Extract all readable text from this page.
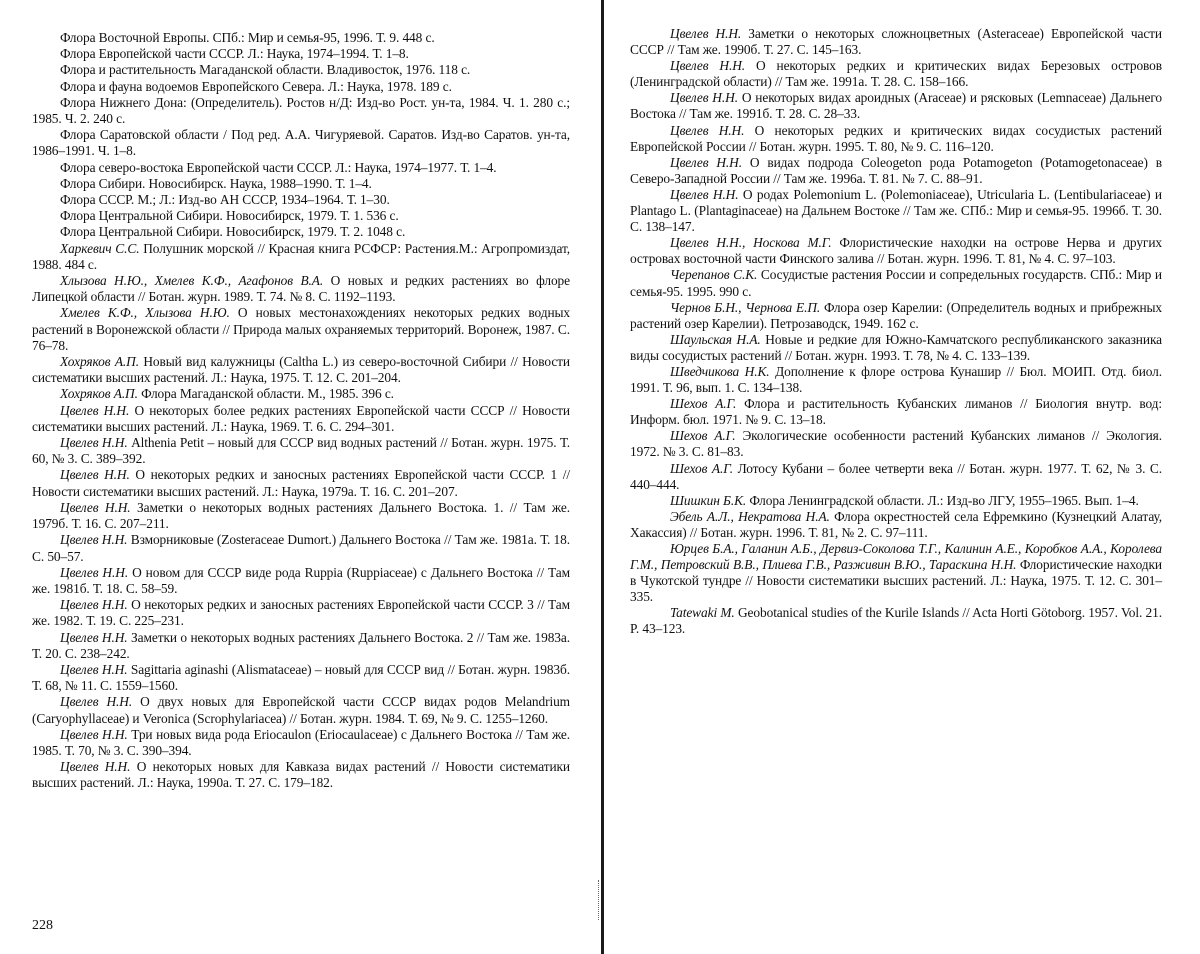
Флора Восточной Европы. СПб.: Мир и семья-95, 1996. Т. 9. 448 с.
Флора Европейской части СССР. Л.: Наука, 1974–1994. Т. 1–8.
Флора и растительность Магаданской области. Владивосток, 1976. 118 с.
Флора и фауна водоемов Европейского Севера. Л.: Наука, 1978. 189 с.
Флора Нижнего Дона: (Определитель). Ростов н/Д: Изд-во Рост. ун-та, 1984. Ч. 1. 280 с.; 1985. Ч. 2. 240 с.
Флора Саратовской области / Под ред. А.А. Чигуряевой. Саратов. Изд-во Саратов. ун-та, 1986–1991. Ч. 1–8.
Флора северо-востока Европейской части СССР. Л.: Наука, 1974–1977. Т. 1–4.
Флора Сибири. Новосибирск. Наука, 1988–1990. Т. 1–4.
Флора СССР. М.; Л.: Изд-во АН СССР, 1934–1964. Т. 1–30.
Флора Центральной Сибири. Новосибирск, 1979. Т. 1. 536 с.
Флора Центральной Сибири. Новосибирск, 1979. Т. 2. 1048 с.
Харкевич С.С. Полушник морской // Красная книга РСФСР: Растения.М.: Агропромиздат, 1988. 484 с.
Хлызова Н.Ю., Хмелев К.Ф., Агафонов В.А. О новых и редких растениях во флоре Липецкой области // Ботан. журн. 1989. Т. 74. № 8. С. 1192–1193.
Хмелев К.Ф., Хлызова Н.Ю. О новых местонахождениях некоторых редких водных растений в Воронежской области // Природа малых охраняемых территорий. Воронеж, 1987. С. 76–78.
Хохряков А.П. Новый вид калужницы (Caltha L.) из северо-восточной Сибири // Новости систематики высших растений. Л.: Наука, 1975. Т. 12. С. 201–204.
Хохряков А.П. Флора Магаданской области. М., 1985. 396 с.
Цвелев Н.Н. О некоторых более редких растениях Европейской части СССР // Новости систематики высших растений. Л.: Наука, 1969. Т. 6. С. 294–301.
Цвелев Н.Н. Althenia Petit – новый для СССР вид водных растений // Ботан. журн. 1975. Т. 60, № 3. С. 389–392.
Цвелев Н.Н. О некоторых редких и заносных растениях Европейской части СССР. 1 // Новости систематики высших растений. Л.: Наука, 1979а. Т. 16. С. 201–207.
Цвелев Н.Н. Заметки о некоторых водных растениях Дальнего Востока. 1. // Там же. 1979б. Т. 16. С. 207–211.
Цвелев Н.Н. Взморниковые (Zosteraceae Dumort.) Дальнего Востока // Там же. 1981а. Т. 18. С. 50–57.
Цвелев Н.Н. О новом для СССР виде рода Ruppia (Ruppiaceae) с Дальнего Востока // Там же. 1981б. Т. 18. С. 58–59.
Цвелев Н.Н. О некоторых редких и заносных растениях Европейской части СССР. 3 // Там же. 1982. Т. 19. С. 225–231.
Цвелев Н.Н. Заметки о некоторых водных растениях Дальнего Востока. 2 // Там же. 1983а. Т. 20. С. 238–242.
Цвелев Н.Н. Sagittaria aginashi (Alismataceae) – новый для СССР вид // Ботан. журн. 1983б. Т. 68, № 11. С. 1559–1560.
Цвелев Н.Н. О двух новых для Европейской части СССР видах родов Melandrium (Caryophyllaceae) и Veronica (Scrophylariacea) // Ботан. журн. 1984. Т. 69, № 9. С. 1255–1260.
Цвелев Н.Н. Три новых вида рода Eriocaulon (Eriocaulaceae) с Дальнего Востока // Там же. 1985. Т. 70, № 3. С. 390–394.
Цвелев Н.Н. О некоторых новых для Кавказа видах растений // Новости систематики высших растений. Л.: Наука, 1990а. Т. 27. С. 179–182.
228
Цвелев Н.Н. Заметки о некоторых сложноцветных (Asteraceae) Европейской части СССР // Там же. 1990б. Т. 27. С. 145–163.
Цвелев Н.Н. О некоторых редких и критических видах Березовых островов (Ленинградской области) // Там же. 1991а. Т. 28. С. 158–166.
Цвелев Н.Н. О некоторых видах ароидных (Araceae) и рясковых (Lemnaceae) Дальнего Востока // Там же. 1991б. Т. 28. С. 28–33.
Цвелев Н.Н. О некоторых редких и критических видах сосудистых растений Европейской России // Ботан. журн. 1995. Т. 80, № 9. С. 116–120.
Цвелев Н.Н. О видах подрода Coleogeton рода Potamogeton (Potamogetonaceae) в Северо-Западной России // Там же. 1996а. Т. 81. № 7. С. 88–91.
Цвелев Н.Н. О родах Polemonium L. (Polemoniaceae), Utricularia L. (Lentibulariaceae) и Plantago L. (Plantaginaceae) на Дальнем Востоке // Там же. СПб.: Мир и семья-95. 1996б. Т. 30. С. 138–147.
Цвелев Н.Н., Носкова М.Г. Флористические находки на острове Нерва и других островах восточной части Финского залива // Ботан. журн. 1996. Т. 81, № 4. С. 97–103.
Черепанов С.К. Сосудистые растения России и сопредельных государств. СПб.: Мир и семья-95. 1995. 990 с.
Чернов Б.Н., Чернова Е.П. Флора озер Карелии: (Определитель водных и прибрежных растений озер Карелии). Петрозаводск, 1949. 162 с.
Шаульская Н.А. Новые и редкие для Южно-Камчатского республиканского заказника виды сосудистых растений // Ботан. журн. 1993. Т. 78, № 4. С. 133–139.
Шведчикова Н.К. Дополнение к флоре острова Кунашир // Бюл. МОИП. Отд. биол. 1991. Т. 96, вып. 1. С. 134–138.
Шехов А.Г. Флора и растительность Кубанских лиманов // Биология внутр. вод: Информ. бюл. 1971. № 9. С. 13–18.
Шехов А.Г. Экологические особенности растений Кубанских лиманов // Экология. 1972. № 3. С. 81–83.
Шехов А.Г. Лотосу Кубани – более четверти века // Ботан. журн. 1977. Т. 62, № 3. С. 440–444.
Шишкин Б.К. Флора Ленинградской области. Л.: Изд-во ЛГУ, 1955–1965. Вып. 1–4.
Эбель А.Л., Некратова Н.А. Флора окрестностей села Ефремкино (Кузнецкий Алатау, Хакассия) // Ботан. журн. 1996. Т. 81, № 2. С. 97–111.
Юрцев Б.А., Галанин А.Б., Дервиз-Соколова Т.Г., Калинин А.Е., Коробков А.А., Королева Г.М., Петровский В.В., Плиева Г.В., Разживин В.Ю., Тараскина Н.Н. Флористические находки в Чукотской тундре // Новости систематики высших растений. Л.: Наука, 1975. Т. 12. С. 301–335.
Tatewaki M. Geobotanical studies of the Kurile Islands // Acta Horti Götoborg. 1957. Vol. 21. P. 43–123.
